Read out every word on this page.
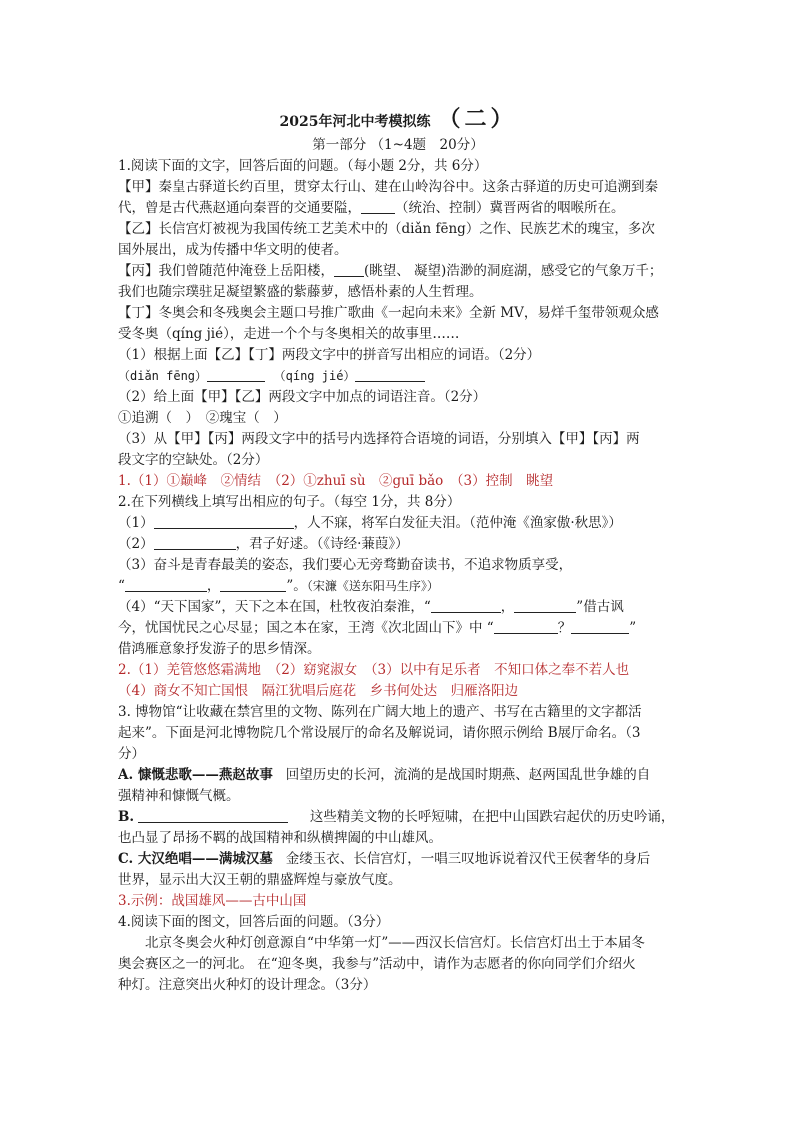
2025年河北中考模拟练 （二）
第一部分 （1~4题　20分）
1.阅读下面的文字，回答后面的问题。（每小题 2分，共 6分）
【甲】秦皇古驿道长约百里，贯穿太行山、建在山岭沟谷中。这条古驿道的历史可追溯到秦
代，曾是古代燕赵通向秦晋的交通要隘，	（统治、控制）冀晋两省的咽喉所在。
【乙】长信宫灯被视为我国传统工艺美术中的（diǎn fēng）之作、民族艺术的瑰宝，多次
国外展出，成为传播中华文明的使者。
【丙】我们曾随范仲淹登上岳阳楼， (眺望、 凝望)浩渺的洞庭湖，感受它的气象万千；
我们也随宗璞驻足凝望繁盛的紫藤萝，感悟朴素的人生哲理。
【丁】冬奥会和冬残奥会主题口号推广歌曲《一起向未来》全新 MV，易烊千玺带领观众感
受冬奥（qíng jié），走进一个个与冬奥相关的故事里……
（1）根据上面【乙】【丁】两段文字中的拼音写出相应的词语。（2分）
（diǎn fēng）	（qíng jié）
（2）给上面【甲】【乙】两段文字中加点的词语注音。（2分）
①追溯（　）　②瑰宝（　）
（3）从【甲】【丙】两段文字中的括号内选择符合语境的词语，分别填入【甲】【丙】两
段文字的空缺处。（2分）
1.（1）①巅峰　②情结　（2）①zhuī sù　②guī bǎo　（3）控制　眺望
2.在下列横线上填写出相应的句子。（每空 1分，共 8分）
（1）	，人不寐，将军白发征夫泪。（范仲淹《渔家傲·秋思》）
（2）	，君子好逑。（《诗经·蒹葭》）
（3）奋斗是青春最美的姿态，我们要心无旁骛勤奋读书，不追求物质享受，
“	，	”。（宋濂《送东阳马生序》）
（4）“天下国家”，天下之本在国，杜牧夜泊秦淮，“	，	”借古讽
今，忧国忧民之心尽显；国之本在家，王湾《次北固山下》中 “	？	”
借鸿雁意象抒发游子的思乡情深。
2.（1）羌管悠悠霜满地　（2）窈窕淑女　（3）以中有足乐者　不知口体之奉不若人也
（4）商女不知亡国恨　隔江犹唱后庭花　乡书何处达　归雁洛阳边
3. 博物馆“让收藏在禁宫里的文物、陈列在广阔大地上的遗产、书写在古籍里的文字都活
起来”。下面是河北博物院几个常设展厅的命名及解说词，请你照示例给 B展厅命名。（3
分）
A. 慷慨悲歌——燕赵故事 回望历史的长河，流淌的是战国时期燕、赵两国乱世争雄的自
强精神和慷慨气概。
B.	这些精美文物的长呼短啸，在把中山国跌宕起伏的历史吟诵，
也凸显了昂扬不羁的战国精神和纵横捭阖的中山雄风。
C. 大汉绝唱——满城汉墓 金缕玉衣、长信宫灯，一唱三叹地诉说着汉代王侯奢华的身后
世界，显示出大汉王朝的鼎盛辉煌与豪放气度。
3.示例：战国雄风——古中山国
4.阅读下面的图文，回答后面的问题。（3分）
北京冬奥会火种灯创意源自“中华第一灯”——西汉长信宫灯。长信宫灯出土于本届冬
奥会赛区之一的河北。 在“迎冬奥，我参与”活动中，请作为志愿者的你向同学们介绍火
种灯。注意突出火种灯的设计理念。（3分）
